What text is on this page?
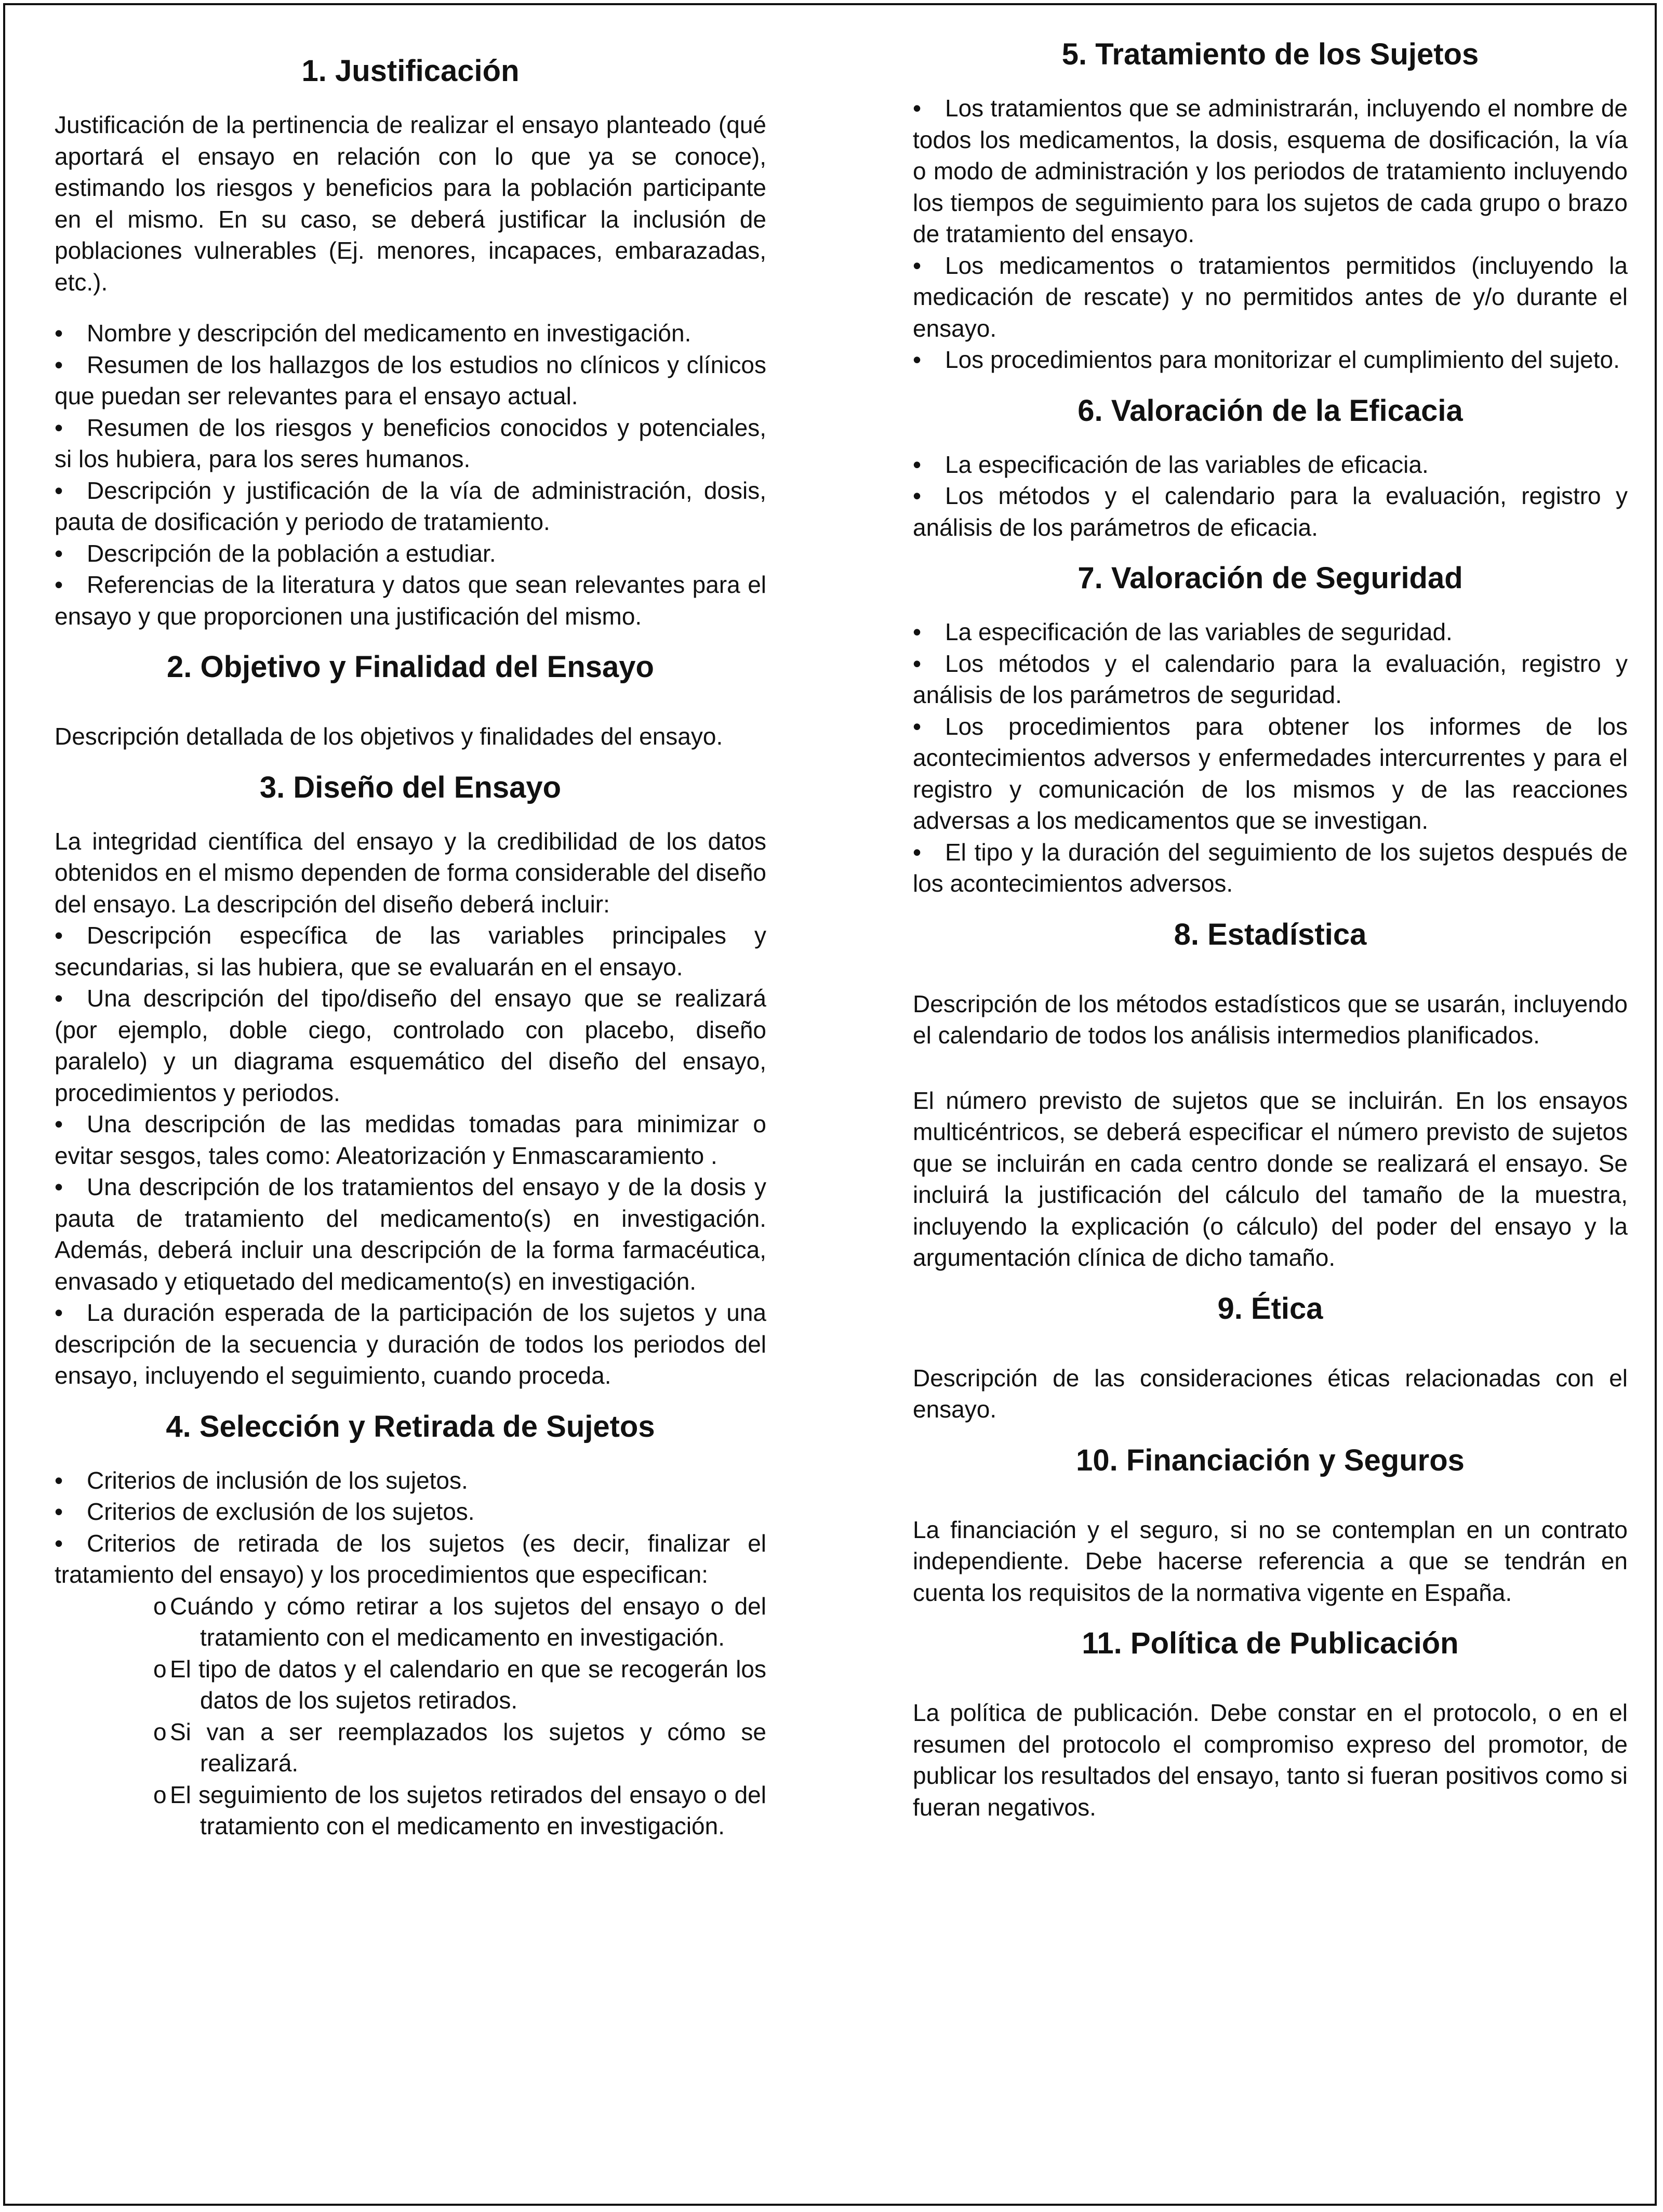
1. Justificación

Justificación de la pertinencia de realizar el ensayo planteado (qué aportará el ensayo en relación con lo que ya se conoce), estimando los riesgos y beneficios para la población participante en el mismo. En su caso, se deberá justificar la inclusión de poblaciones vulnerables (Ej. menores, incapaces, embarazadas, etc.).

• Nombre y descripción del medicamento en investigación.

• Resumen de los hallazgos de los estudios no clínicos y clínicos que puedan ser relevantes para el ensayo actual.

• Resumen de los riesgos y beneficios conocidos y potenciales, si los hubiera, para los seres humanos.

• Descripción y justificación de la vía de administración, dosis, pauta de dosificación y periodo de tratamiento.

• Descripción de la población a estudiar.

• Referencias de la literatura y datos que sean relevantes para el ensayo y que proporcionen una justificación del mismo.

2. Objetivo y Finalidad del Ensayo

Descripción detallada de los objetivos y finalidades del ensayo.

3. Diseño del Ensayo

La integridad científica del ensayo y la credibilidad de los datos obtenidos en el mismo dependen de forma considerable del diseño del ensayo. La descripción del diseño deberá incluir:

• Descripción específica de las variables principales y secundarias, si las hubiera, que se evaluarán en el ensayo.

• Una descripción del tipo/diseño del ensayo que se realizará (por ejemplo, doble ciego, controlado con placebo, diseño paralelo) y un diagrama esquemático del diseño del ensayo, procedimientos y periodos.

• Una descripción de las medidas tomadas para minimizar o evitar sesgos, tales como: Aleatorización y Enmascaramiento .

• Una descripción de los tratamientos del ensayo y de la dosis y pauta de tratamiento del medicamento(s) en investigación. Además, deberá incluir una descripción de la forma farmacéutica, envasado y etiquetado del medicamento(s) en investigación.

• La duración esperada de la participación de los sujetos y una descripción de la secuencia y duración de todos los periodos del ensayo, incluyendo el seguimiento, cuando proceda.

4. Selección y Retirada de Sujetos

• Criterios de inclusión de los sujetos.

• Criterios de exclusión de los sujetos.

• Criterios de retirada de los sujetos (es decir, finalizar el tratamiento del ensayo) y los procedimientos que especifican:

o Cuándo y cómo retirar a los sujetos del ensayo o del tratamiento con el medicamento en investigación.

o El tipo de datos y el calendario en que se recogerán los datos de los sujetos retirados.

o Si van a ser reemplazados los sujetos y cómo se realizará.

o El seguimiento de los sujetos retirados del ensayo o del tratamiento con el medicamento en investigación.

5. Tratamiento de los Sujetos

• Los tratamientos que se administrarán, incluyendo el nombre de todos los medicamentos, la dosis, esquema de dosificación, la vía o modo de administración y los periodos de tratamiento incluyendo los tiempos de seguimiento para los sujetos de cada grupo o brazo de tratamiento del ensayo.

• Los medicamentos o tratamientos permitidos (incluyendo la medicación de rescate) y no permitidos antes de y/o durante el ensayo.

• Los procedimientos para monitorizar el cumplimiento del sujeto.

6. Valoración de la Eficacia

• La especificación de las variables de eficacia.

• Los métodos y el calendario para la evaluación, registro y análisis de los parámetros de eficacia.

7. Valoración de Seguridad

• La especificación de las variables de seguridad.

• Los métodos y el calendario para la evaluación, registro y análisis de los parámetros de seguridad.

• Los procedimientos para obtener los informes de los acontecimientos adversos y enfermedades intercurrentes y para el registro y comunicación de los mismos y de las reacciones adversas a los medicamentos que se investigan.

• El tipo y la duración del seguimiento de los sujetos después de los acontecimientos adversos.

8. Estadística

Descripción de los métodos estadísticos que se usarán, incluyendo el calendario de todos los análisis intermedios planificados.

El número previsto de sujetos que se incluirán. En los ensayos multicéntricos, se deberá especificar el número previsto de sujetos que se incluirán en cada centro donde se realizará el ensayo. Se incluirá la justificación del cálculo del tamaño de la muestra, incluyendo la explicación (o cálculo) del poder del ensayo y la argumentación clínica de dicho tamaño.

9. Ética

Descripción de las consideraciones éticas relacionadas con el ensayo.

10. Financiación y Seguros

La financiación y el seguro, si no se contemplan en un contrato independiente. Debe hacerse referencia a que se tendrán en cuenta los requisitos de la normativa vigente en España.

11. Política de Publicación

La política de publicación. Debe constar en el protocolo, o en el resumen del protocolo el compromiso expreso del promotor, de publicar los resultados del ensayo, tanto si fueran positivos como si fueran negativos.
